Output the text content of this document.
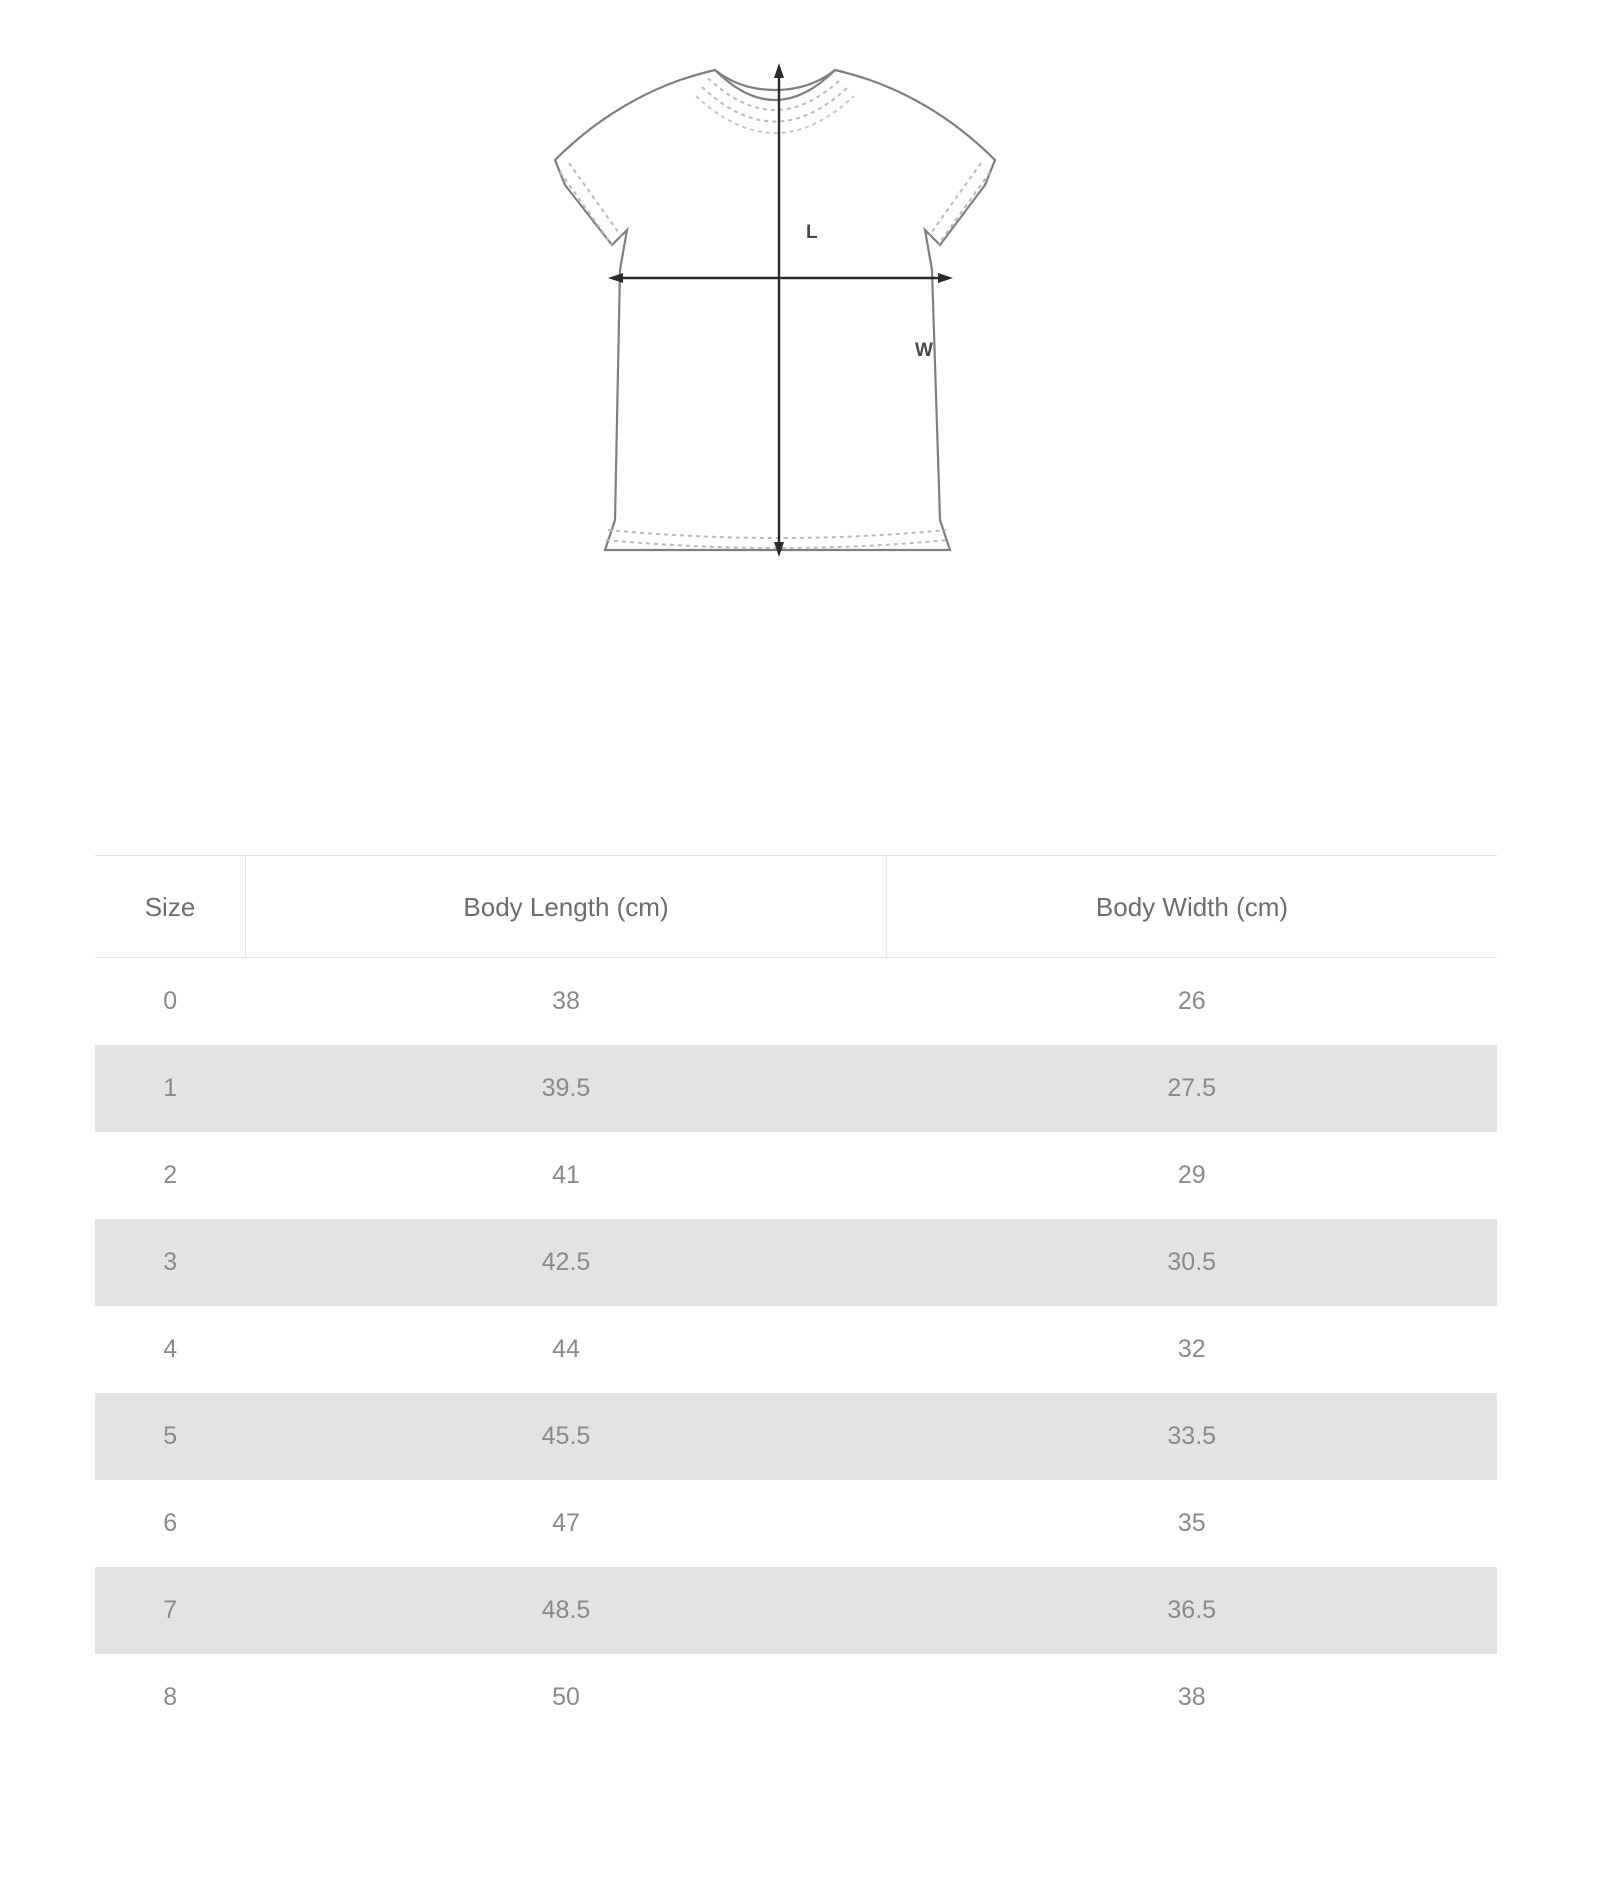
L
W
Size	Body Length (cm)	Body Width (cm)
0	38	26
1	39.5	27.5
2	41	29
3	42.5	30.5
4	44	32
5	45.5	33.5
6	47	35
7	48.5	36.5
8	50	38
